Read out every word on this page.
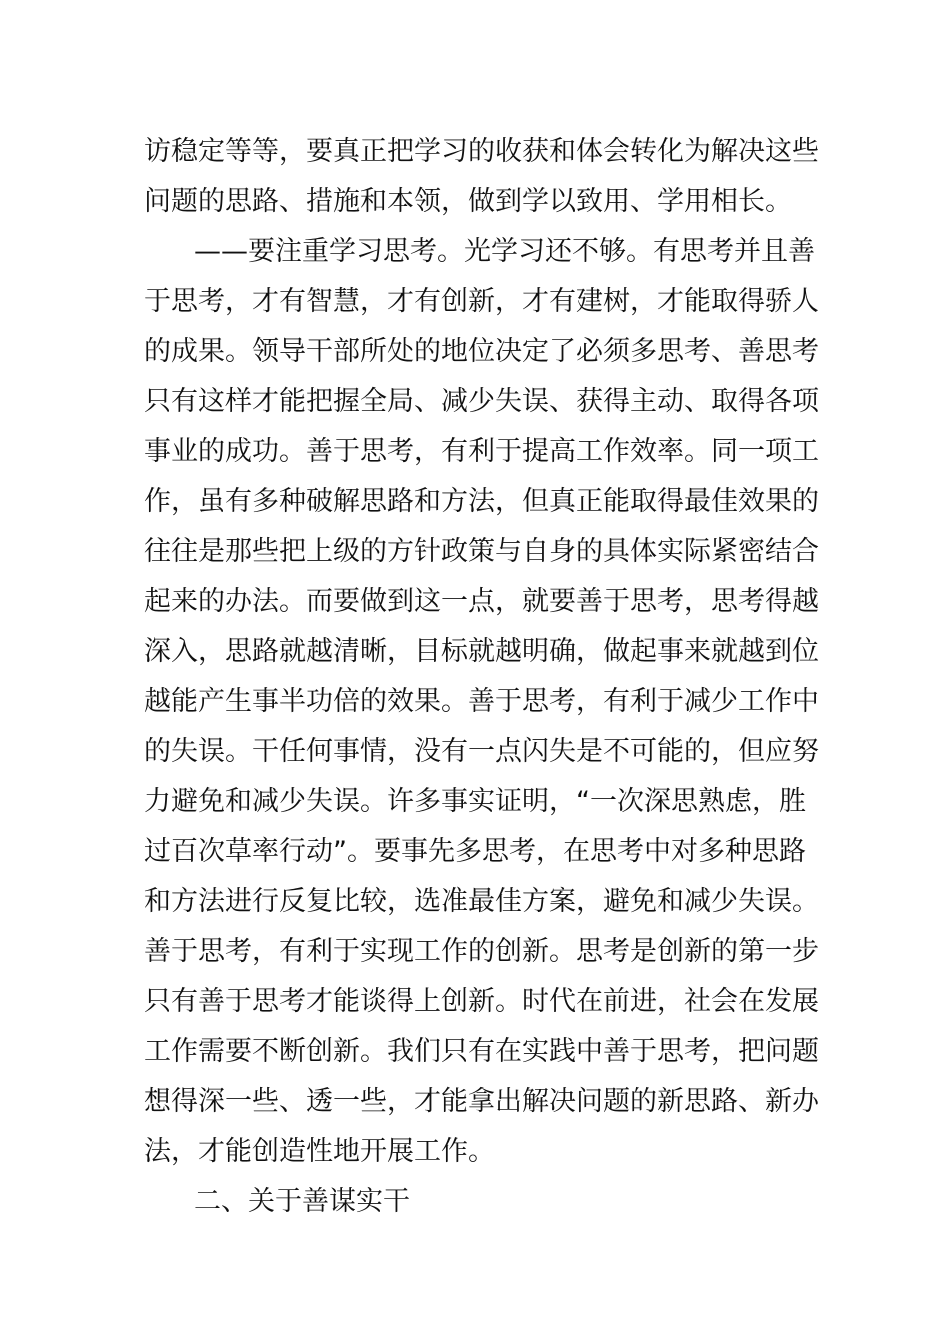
访稳定等等，要真正把学习的收获和体会转化为解决这些
问题的思路、措施和本领，做到学以致用、学用相长。
——要注重学习思考。光学习还不够。有思考并且善
于思考，才有智慧，才有创新，才有建树，才能取得骄人
的成果。领导干部所处的地位决定了必须多思考、善思考
只有这样才能把握全局、减少失误、获得主动、取得各项
事业的成功。善于思考，有利于提高工作效率。同一项工
作，虽有多种破解思路和方法，但真正能取得最佳效果的
往往是那些把上级的方针政策与自身的具体实际紧密结合
起来的办法。而要做到这一点，就要善于思考，思考得越
深入，思路就越清晰，目标就越明确，做起事来就越到位
越能产生事半功倍的效果。善于思考，有利于减少工作中
的失误。干任何事情，没有一点闪失是不可能的，但应努
力避免和减少失误。许多事实证明，“一次深思熟虑，胜
过百次草率行动”。要事先多思考，在思考中对多种思路
和方法进行反复比较，选准最佳方案，避免和减少失误。
善于思考，有利于实现工作的创新。思考是创新的第一步
只有善于思考才能谈得上创新。时代在前进，社会在发展
工作需要不断创新。我们只有在实践中善于思考，把问题
想得深一些、透一些，才能拿出解决问题的新思路、新办
法，才能创造性地开展工作。
二、关于善谋实干
